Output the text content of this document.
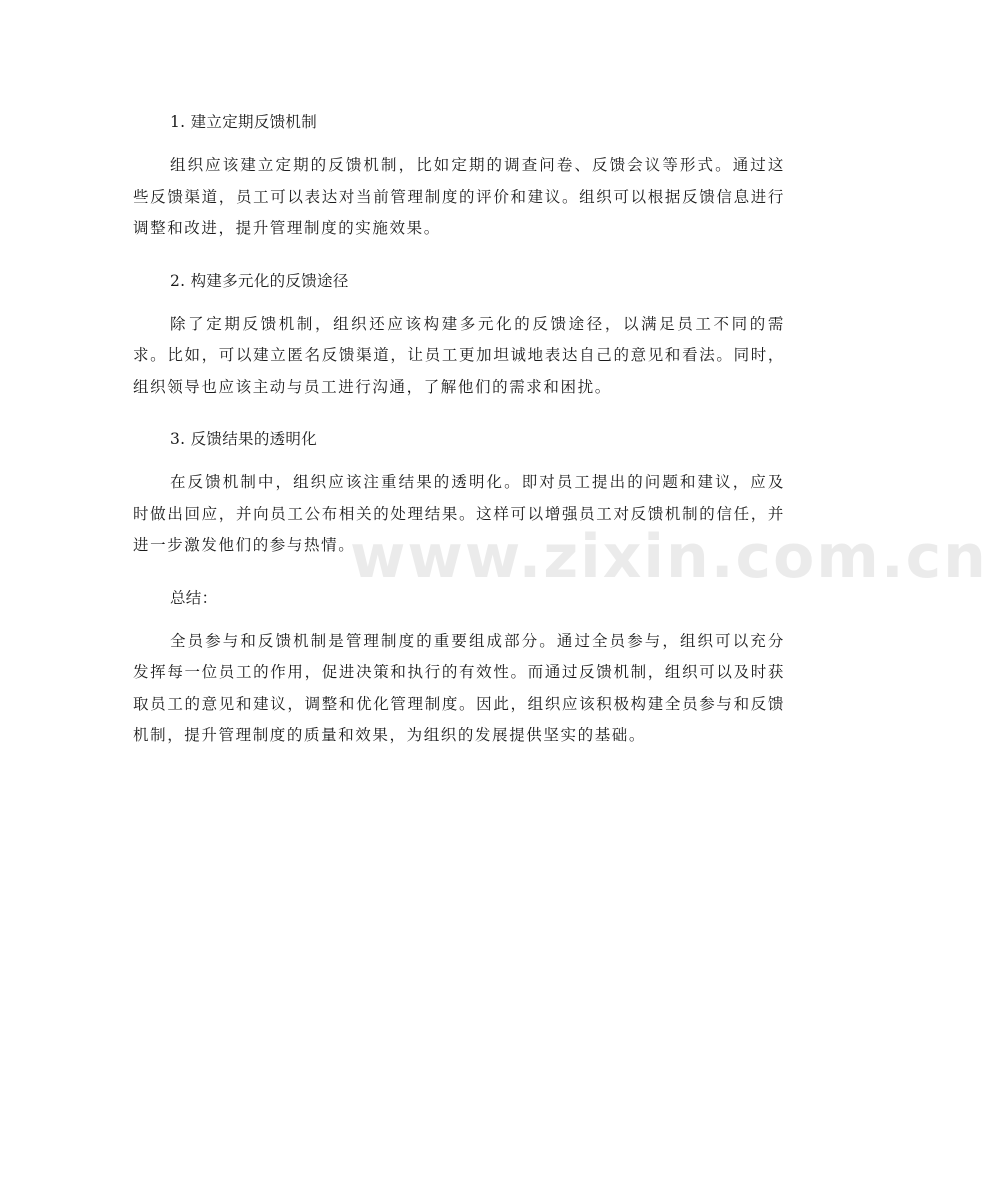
1. 建立定期反馈机制

组织应该建立定期的反馈机制，比如定期的调查问卷、反馈会议等形式。通过这些反馈渠道，员工可以表达对当前管理制度的评价和建议。组织可以根据反馈信息进行调整和改进，提升管理制度的实施效果。

2. 构建多元化的反馈途径

除了定期反馈机制，组织还应该构建多元化的反馈途径，以满足员工不同的需求。比如，可以建立匿名反馈渠道，让员工更加坦诚地表达自己的意见和看法。同时，组织领导也应该主动与员工进行沟通，了解他们的需求和困扰。

3. 反馈结果的透明化

在反馈机制中，组织应该注重结果的透明化。即对员工提出的问题和建议，应及时做出回应，并向员工公布相关的处理结果。这样可以增强员工对反馈机制的信任，并进一步激发他们的参与热情。

总结：

全员参与和反馈机制是管理制度的重要组成部分。通过全员参与，组织可以充分发挥每一位员工的作用，促进决策和执行的有效性。而通过反馈机制，组织可以及时获取员工的意见和建议，调整和优化管理制度。因此，组织应该积极构建全员参与和反馈机制，提升管理制度的质量和效果，为组织的发展提供坚实的基础。

www.zixin.com.cn
